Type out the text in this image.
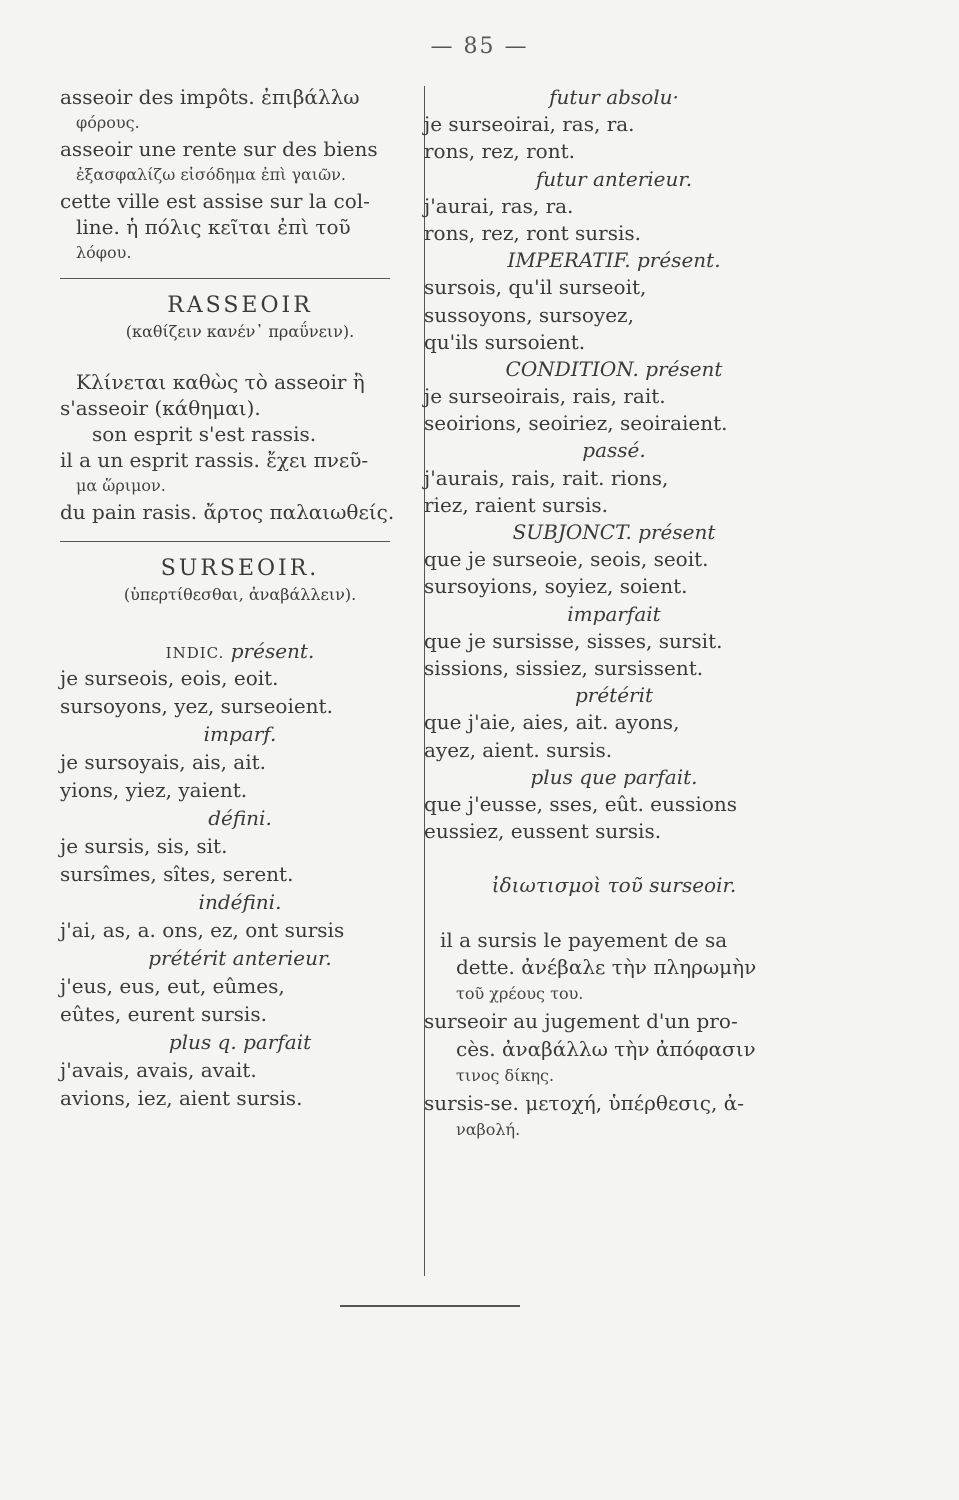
— 85 —
asseoir des impôts. ἐπιβάλλω
φόρους.
asseoir une rente sur des biens
ἐξασφαλίζω εἰσόδημα ἐπὶ γαιῶν.
cette ville est assise sur la col-
line. ἡ πόλις κεῖται ἐπὶ τοῦ
λόφου.
RASSEOIR
(καθίζειν κανέν᾽ πραΰνειν).
Κλίνεται καθὼς τὸ asseoir ἢ
s'asseoir (κάθημαι).
son esprit s'est rassis.
il a un esprit rassis. ἔχει πνεῦ-
μα ὥριμον.
du pain rasis. ἄρτος παλαιωθείς.
SURSEOIR.
(ὑπερτίθεσθαι, ἀναβάλλειν).
INDIC. présent.
je surseois, eois, eoit.
sursoyons, yez, surseoient.
imparf.
je sursoyais, ais, ait.
yions, yiez, yaient.
défini.
je sursis, sis, sit.
sursîmes, sîtes, serent.
indéfini.
j'ai, as, a. ons, ez, ont sursis
prétérit anterieur.
j'eus, eus, eut, eûmes,
eûtes, eurent sursis.
plus q. parfait
j'avais, avais, avait.
avions, iez, aient sursis.
futur absolu·
je surseoirai, ras, ra.
rons, rez, ront.
futur anterieur.
j'aurai, ras, ra.
rons, rez, ront sursis.
IMPERATIF. présent.
sursois, qu'il surseoit,
sussoyons, sursoyez,
qu'ils sursoient.
CONDITION. présent
je surseoirais, rais, rait.
seoirions, seoiriez, seoiraient.
passé.
j'aurais, rais, rait. rions,
riez, raient sursis.
SUBJONCT. présent
que je surseoie, seois, seoit.
sursoyions, soyiez, soient.
imparfait
que je sursisse, sisses, sursit.
sissions, sissiez, sursissent.
prétérit
que j'aie, aies, ait. ayons,
ayez, aient. sursis.
plus que parfait.
que j'eusse, sses, eût. eussions
eussiez, eussent sursis.

ἰδιωτισμοὶ τοῦ surseoir.

il a sursis le payement de sa
dette. ἀνέβαλε τὴν πληρωμὴν
τοῦ χρέους του.
surseoir au jugement d'un pro-
cès. ἀναβάλλω τὴν ἀπόφασιν
τινος δίκης.
sursis-se. μετοχή, ὑπέρθεσις, ἀ-
ναβολή.
